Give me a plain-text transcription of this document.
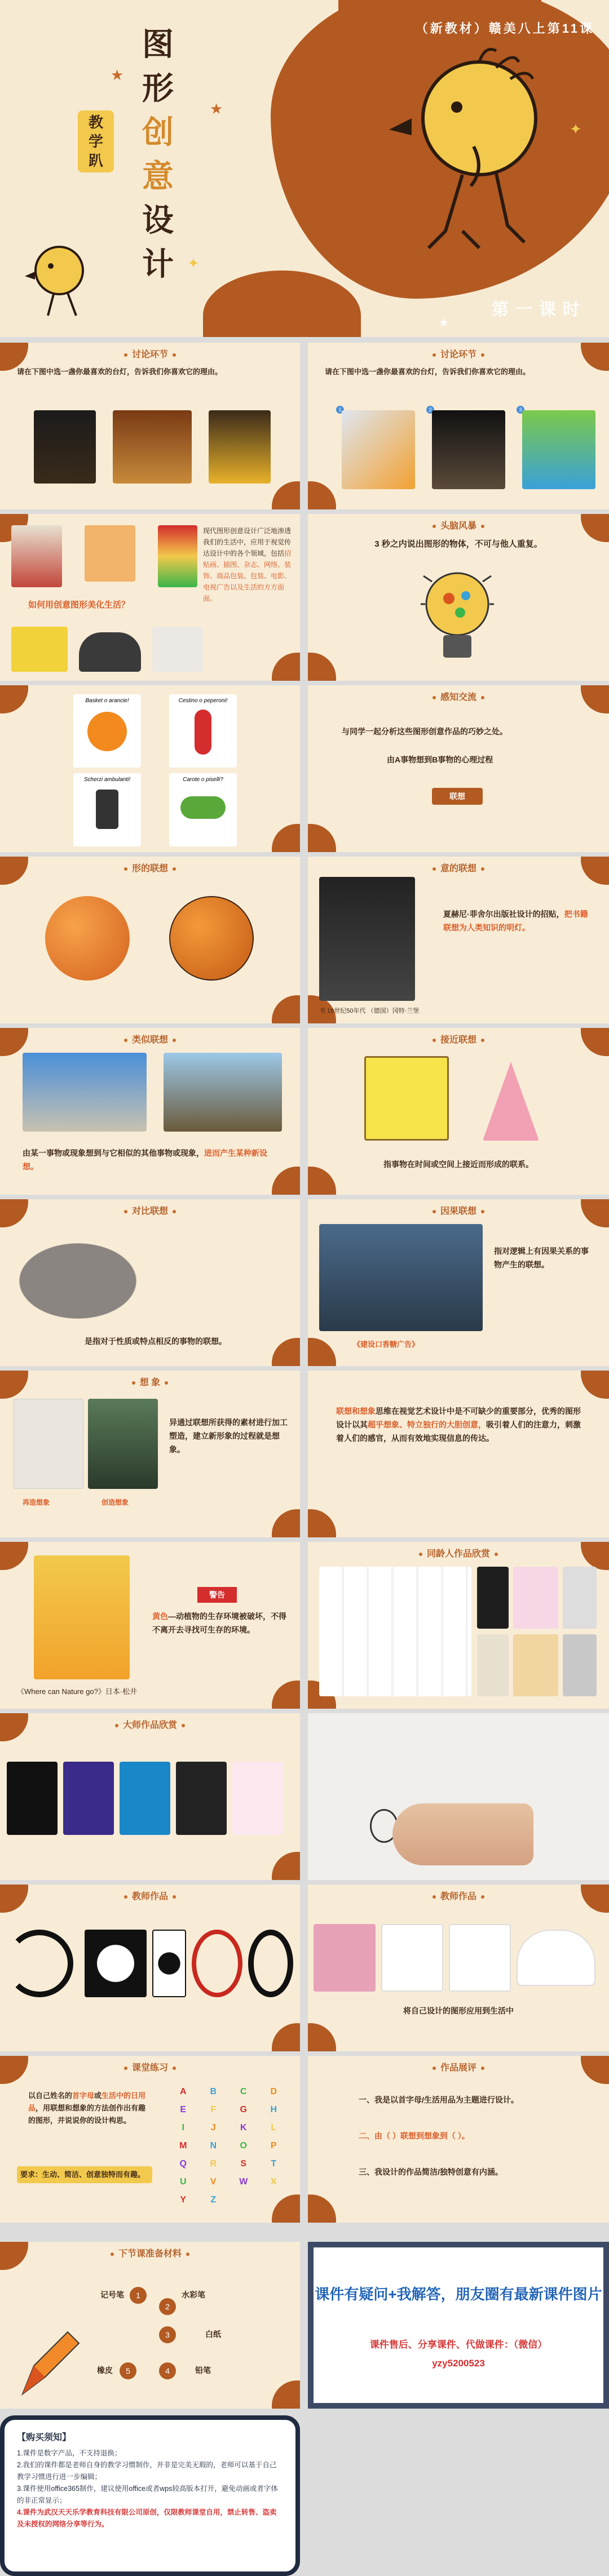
★
★
✦
✦
★
图
形
创
意
设
计
教学趴
（新教材）赣美八上第11课
第一课时
讨论环节
请在下图中选一盏你最喜欢的台灯，告诉我们你喜欢它的理由。
讨论环节
请在下图中选一盏你最喜欢的台灯，告诉我们你喜欢它的理由。
1	2	3
现代图形创意设计广泛地渗透我们的生活中，应用于视觉传达设计中的各个领域，包括招贴画、插图、杂志、网络、装饰、商品包装、包装、电影、电视广告以及生活的方方面面。
如何用创意图形美化生活？
头脑风暴
3 秒之内说出图形的物体，不可与他人重复。
Basket o arancie!	Cestino o peperoni!
Scherzi ambulanti!	Carote o piselli?
感知交流
与同学一起分析这些图形创意作品的巧妙之处。
由A事物想到B事物的心理过程
联想
形的联想	意的联想
夏赫尼·菲舍尔出版社设计的招贴，把书籍联想为人类知识的明灯。
书 19世纪50年代 （德国）冈特·兰堡
类似联想
由某一事物或现象想到与它相似的其他事物或现象，进而产生某种新设想。
接近联想
指事物在时间或空间上接近而形成的联系。
对比联想
是指对于性质或特点相反的事物的联想。
因果联想
指对逻辑上有因果关系的事物产生的联想。
《建设口香糖广告》
想 象
再造想象	创造想象
异通过联想所获得的素材进行加工塑造，建立新形象的过程就是想象。
联想和想象思维在视觉艺术设计中是不可缺少的重要部分，优秀的图形设计以其超乎想象、特立独行的大胆创意，吸引着人们的注意力，刺激着人们的感官，从而有效地实现信息的传达。
警告
黄色—动植物的生存环境被破坏，不得不离开去寻找可生存的环境。
《Where can Nature go?》日本·松井
同龄人作品欣赏
大师作品欣赏
教师作品	教师作品
将自己设计的图形应用到生活中
课堂练习
以自己姓名的首字母或生活中的日用品，用联想和想象的方法创作出有趣的图形，并说说你的设计构思。
要求：生动、简洁、创意独特而有趣。
A	B	C	D
E	F	G	H
I	J	K	L
M	N	O	P
Q	R	S	T
U	V	W	X
Y	Z
作品展评
一、我是以首字母/生活用品为主题进行设计。
二、由（ ）联想到想象到（ ）。
三、我设计的作品简洁/独特创意有内涵。
下节课准备材料
记号笔	1
2
水彩笔
3	白纸
4	铅笔
5
橡皮
课件有疑问+我解答，朋友圈有最新课件图片
课件售后、分享课件、代做课件：（微信）
yzy5200523
【购买须知】
1.课件是数字产品，不支持退换；
2.我们的课件都是老师自身的教学习惯制作，并非是完美无瑕的，老师可以基于自己教学习惯进行进一步编辑；
3.课件使用office365制作，建议使用office或者wps较高版本打开，避免动画或者字体的非正常显示；
4.课件为武汉天天乐学教育科技有限公司原创，仅限教师课堂自用，禁止转售、盗卖及未授权的网络分享等行为。
